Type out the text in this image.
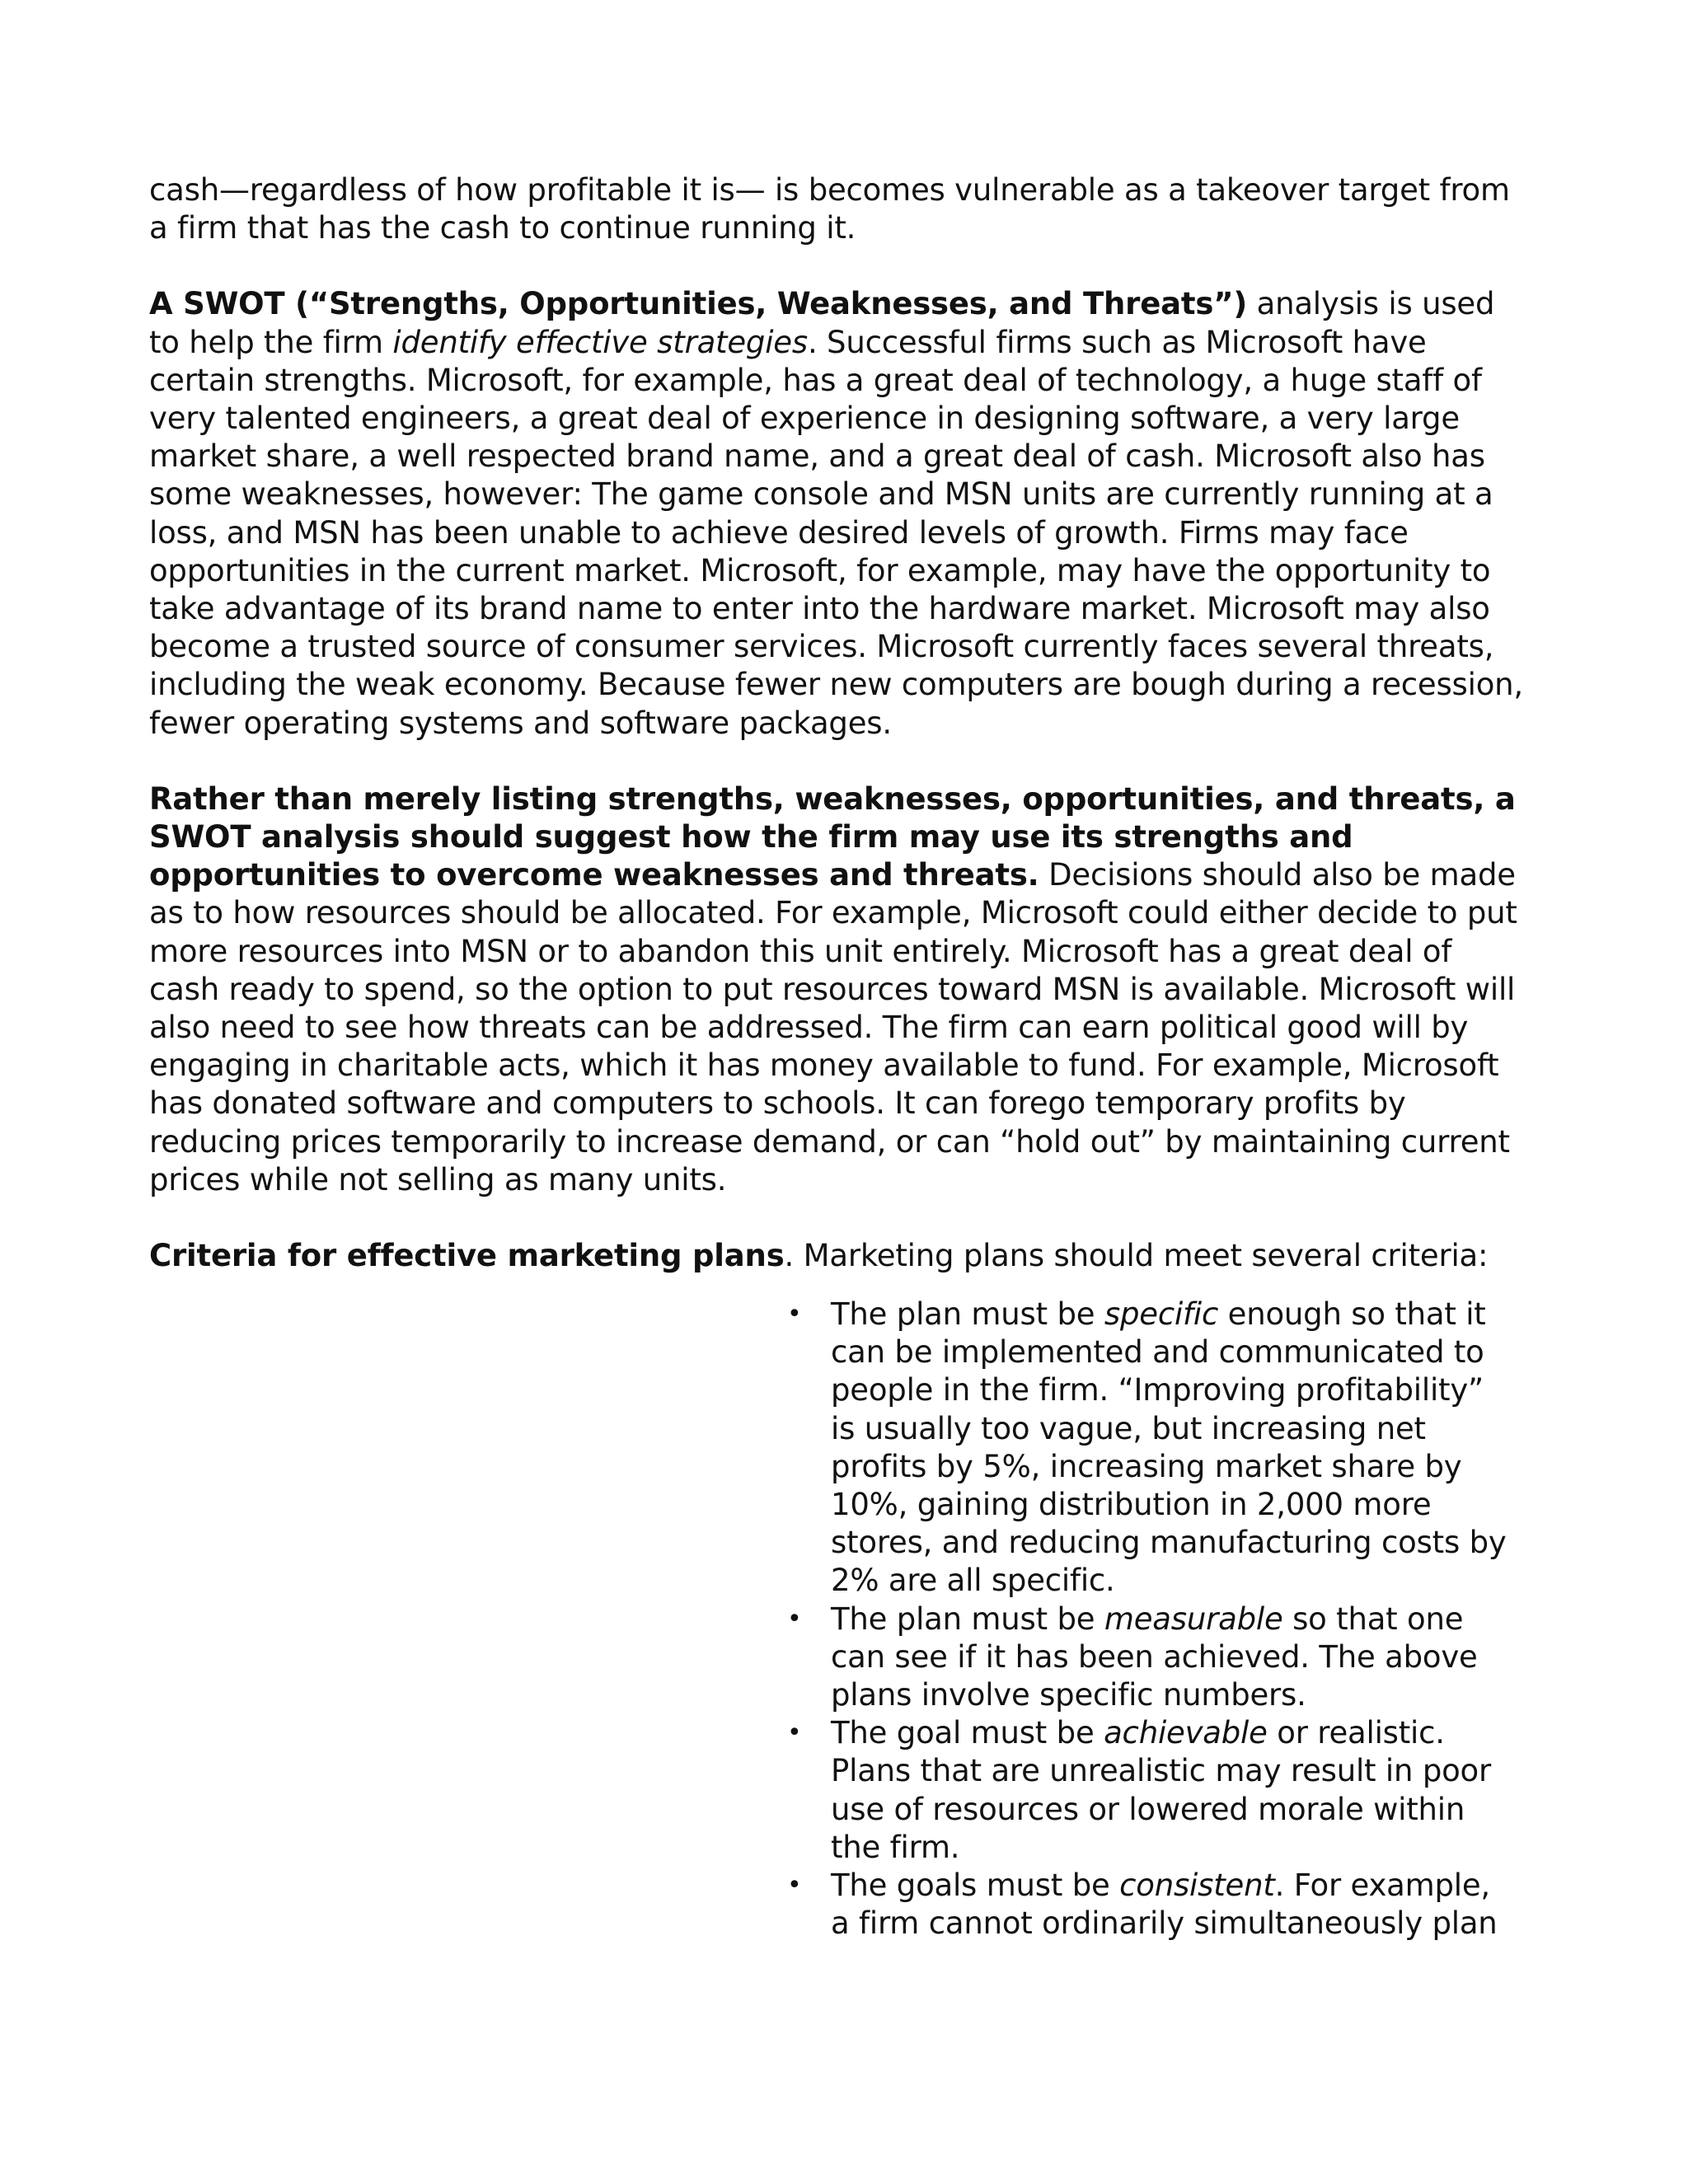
cash—regardless of how profitable it is— is becomes vulnerable as a takeover target from a firm that has the cash to continue running it.

A SWOT (“Strengths, Opportunities, Weaknesses, and Threats”) analysis is used to help the firm identify effective strategies. Successful firms such as Microsoft have certain strengths. Microsoft, for example, has a great deal of technology, a huge staff of very talented engineers, a great deal of experience in designing software, a very large market share, a well respected brand name, and a great deal of cash. Microsoft also has some weaknesses, however: The game console and MSN units are currently running at a loss, and MSN has been unable to achieve desired levels of growth. Firms may face opportunities in the current market. Microsoft, for example, may have the opportunity to take advantage of its brand name to enter into the hardware market. Microsoft may also become a trusted source of consumer services. Microsoft currently faces several threats, including the weak economy. Because fewer new computers are bough during a recession, fewer operating systems and software packages.

Rather than merely listing strengths, weaknesses, opportunities, and threats, a SWOT analysis should suggest how the firm may use its strengths and opportunities to overcome weaknesses and threats. Decisions should also be made as to how resources should be allocated. For example, Microsoft could either decide to put more resources into MSN or to abandon this unit entirely. Microsoft has a great deal of cash ready to spend, so the option to put resources toward MSN is available. Microsoft will also need to see how threats can be addressed. The firm can earn political good will by engaging in charitable acts, which it has money available to fund. For example, Microsoft has donated software and computers to schools. It can forego temporary profits by reducing prices temporarily to increase demand, or can “hold out” by maintaining current prices while not selling as many units.

Criteria for effective marketing plans. Marketing plans should meet several criteria:

• The plan must be specific enough so that it can be implemented and communicated to people in the firm. “Improving profitability” is usually too vague, but increasing net profits by 5%, increasing market share by 10%, gaining distribution in 2,000 more stores, and reducing manufacturing costs by 2% are all specific.
• The plan must be measurable so that one can see if it has been achieved. The above plans involve specific numbers.
• The goal must be achievable or realistic. Plans that are unrealistic may result in poor use of resources or lowered morale within the firm.
• The goals must be consistent. For example, a firm cannot ordinarily simultaneously plan
